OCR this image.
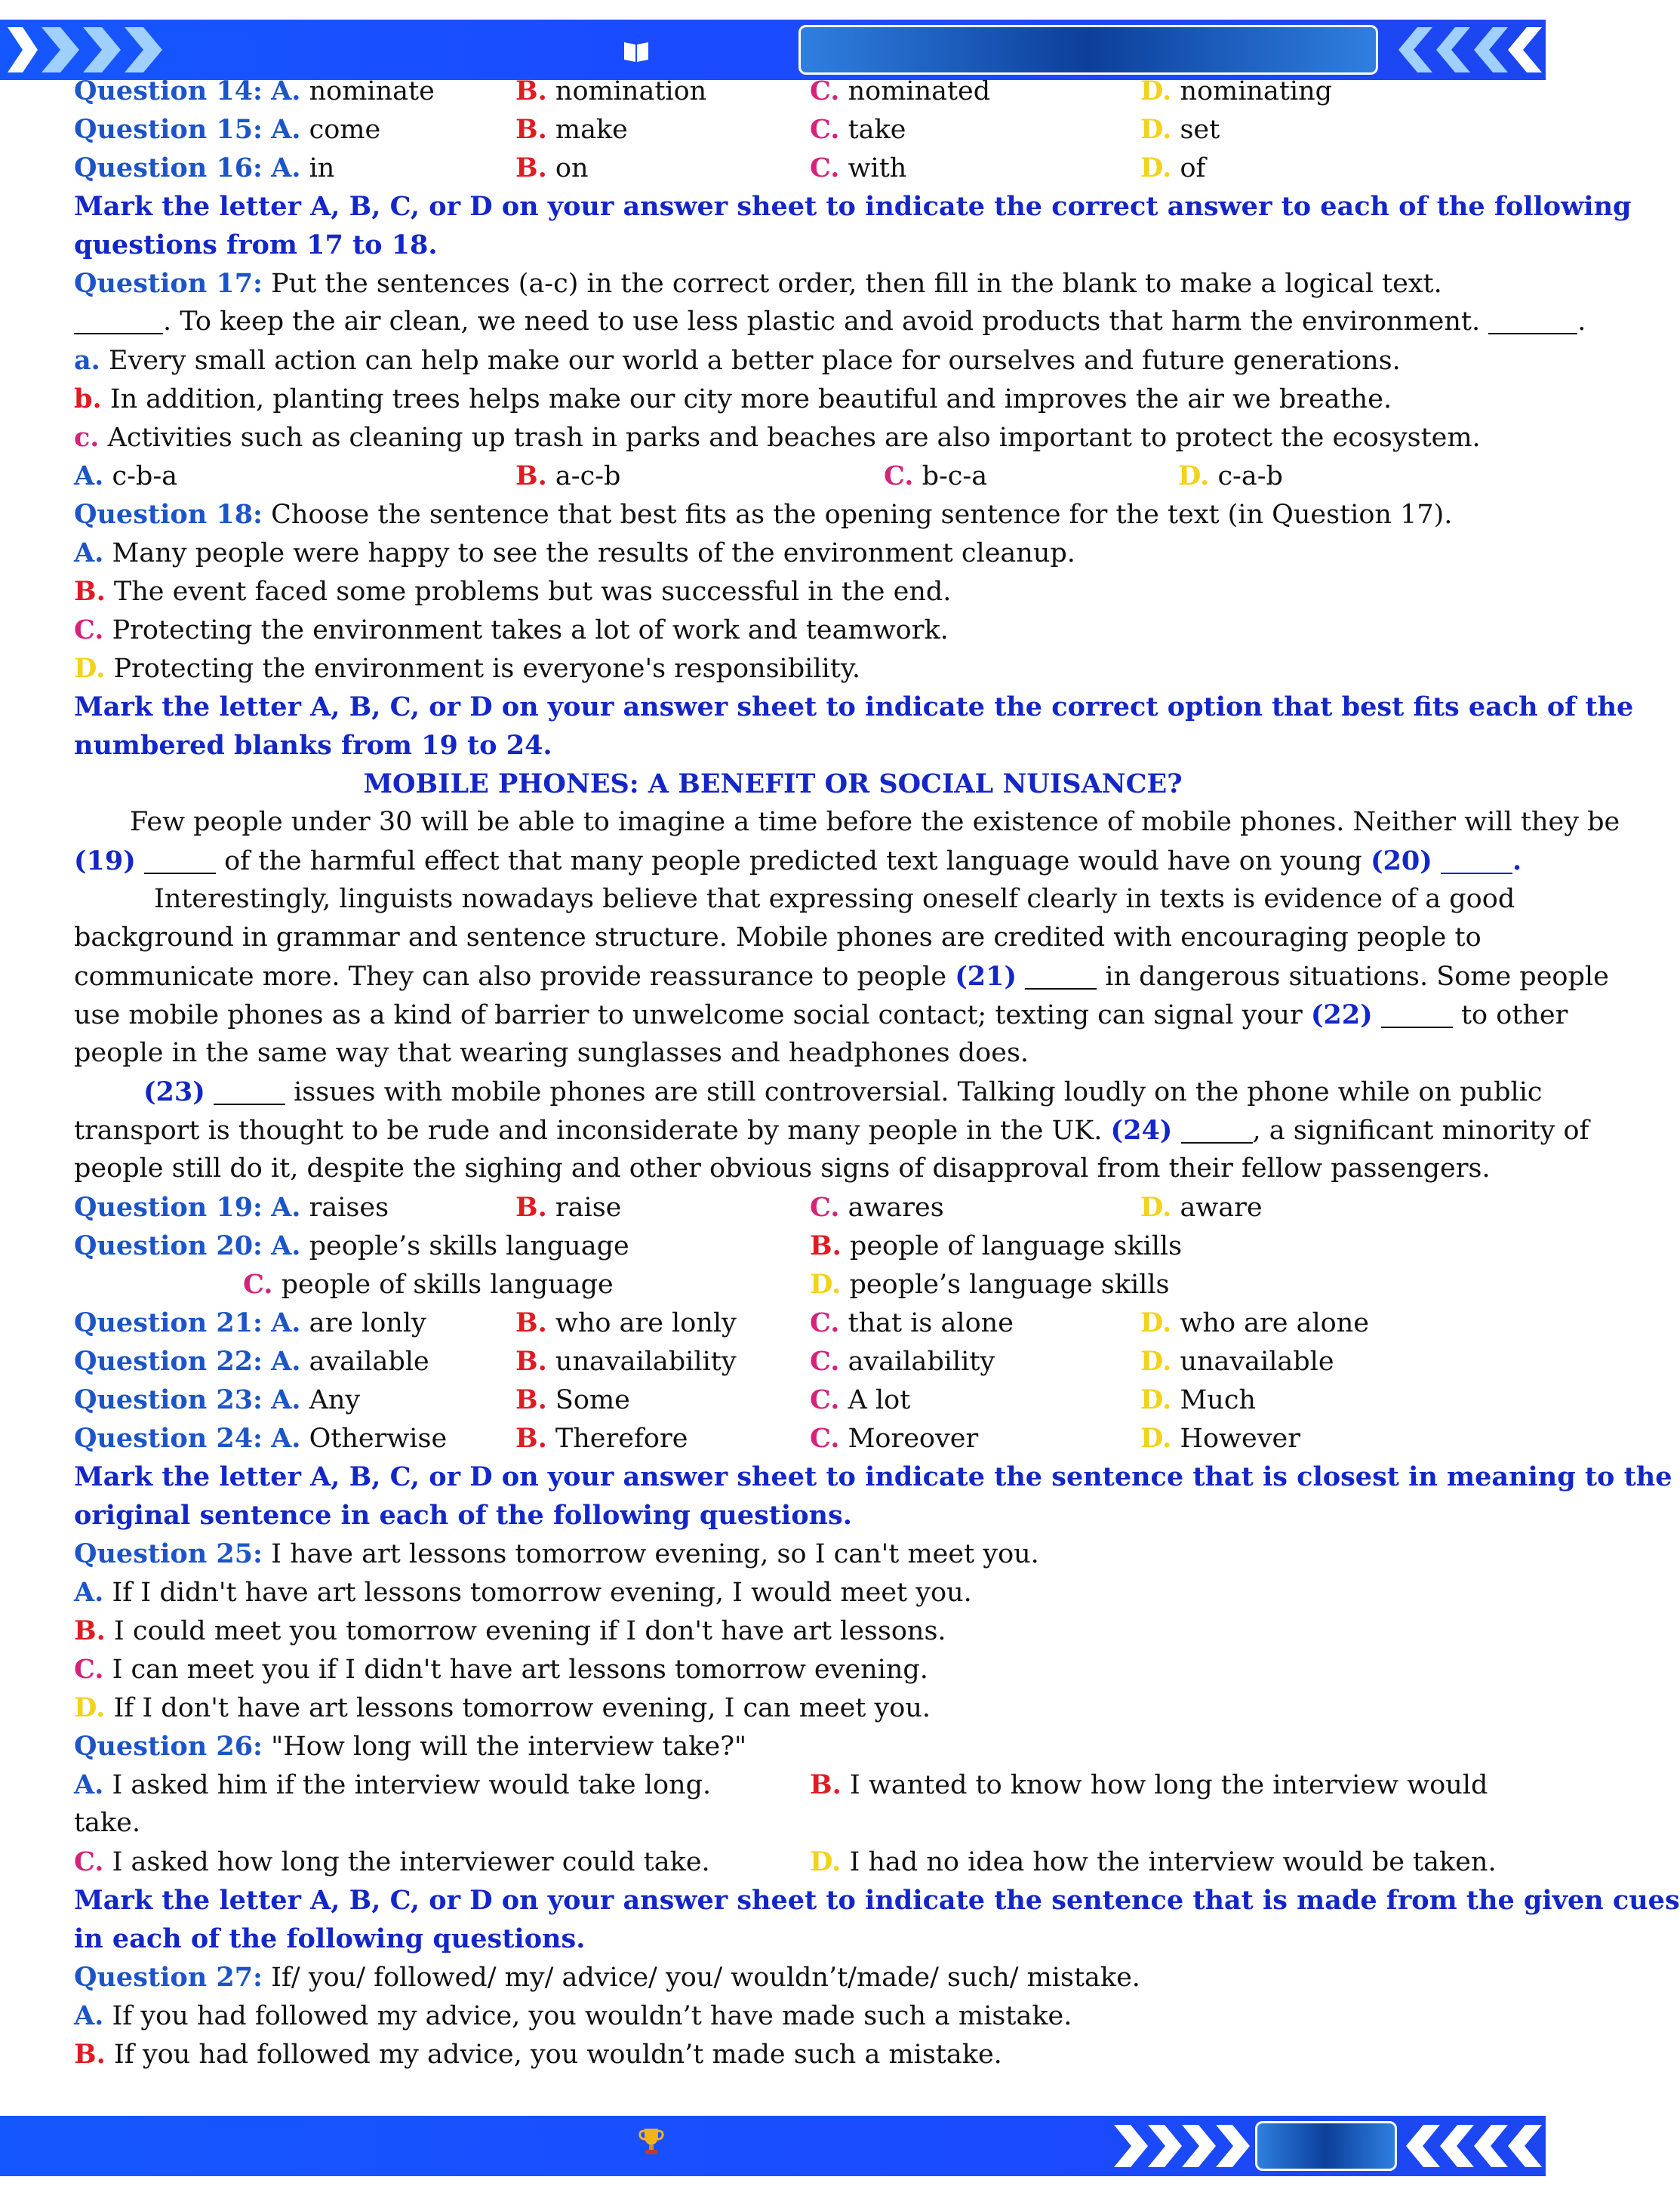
Question 14: A. nominate	B. nomination	C. nominated	D. nominating
Question 15: A. come	B. make	C. take	D. set
Question 16: A. in	B. on	C. with	D. of
Mark the letter A, B, C, or D on your answer sheet to indicate the correct answer to each of the following
questions from 17 to 18.
Question 17: Put the sentences (a-c) in the correct order, then fill in the blank to make a logical text.
. To keep the air clean, we need to use less plastic and avoid products that harm the environment.	.
a. Every small action can help make our world a better place for ourselves and future generations.
b. In addition, planting trees helps make our city more beautiful and improves the air we breathe.
c. Activities such as cleaning up trash in parks and beaches are also important to protect the ecosystem.
A. c-b-a	B. a-c-b	C. b-c-a	D. c-a-b
Question 18: Choose the sentence that best fits as the opening sentence for the text (in Question 17).
A. Many people were happy to see the results of the environment cleanup.
B. The event faced some problems but was successful in the end.
C. Protecting the environment takes a lot of work and teamwork.
D. Protecting the environment is everyone's responsibility.
Mark the letter A, B, C, or D on your answer sheet to indicate the correct option that best fits each of the
numbered blanks from 19 to 24.
MOBILE PHONES: A BENEFIT OR SOCIAL NUISANCE?
Few people under 30 will be able to imagine a time before the existence of mobile phones. Neither will they be
(19)	of the harmful effect that many people predicted text language would have on young (20)	.
Interestingly, linguists nowadays believe that expressing oneself clearly in texts is evidence of a good
background in grammar and sentence structure. Mobile phones are credited with encouraging people to
communicate more. They can also provide reassurance to people (21)	in dangerous situations. Some people
use mobile phones as a kind of barrier to unwelcome social contact; texting can signal your (22)	to other
people in the same way that wearing sunglasses and headphones does.
(23)	issues with mobile phones are still controversial. Talking loudly on the phone while on public
transport is thought to be rude and inconsiderate by many people in the UK. (24)	, a significant minority of
people still do it, despite the sighing and other obvious signs of disapproval from their fellow passengers.
Question 19: A. raises	B. raise	C. awares	D. aware
Question 20: A. people’s skills language	B. people of language skills
C. people of skills language	D. people’s language skills
Question 21: A. are lonly	B. who are lonly	C. that is alone	D. who are alone
Question 22: A. available	B. unavailability	C. availability	D. unavailable
Question 23: A. Any	B. Some	C. A lot	D. Much
Question 24: A. Otherwise	B. Therefore	C. Moreover	D. However
Mark the letter A, B, C, or D on your answer sheet to indicate the sentence that is closest in meaning to the
original sentence in each of the following questions.
Question 25: I have art lessons tomorrow evening, so I can't meet you.
A. If I didn't have art lessons tomorrow evening, I would meet you.
B. I could meet you tomorrow evening if I don't have art lessons.
C. I can meet you if I didn't have art lessons tomorrow evening.
D. If I don't have art lessons tomorrow evening, I can meet you.
Question 26: "How long will the interview take?"
A. I asked him if the interview would take long.	B. I wanted to know how long the interview would
take.
C. I asked how long the interviewer could take.	D. I had no idea how the interview would be taken.
Mark the letter A, B, C, or D on your answer sheet to indicate the sentence that is made from the given cues
in each of the following questions.
Question 27: If/ you/ followed/ my/ advice/ you/ wouldn’t/made/ such/ mistake.
A. If you had followed my advice, you wouldn’t have made such a mistake.
B. If you had followed my advice, you wouldn’t made such a mistake.
